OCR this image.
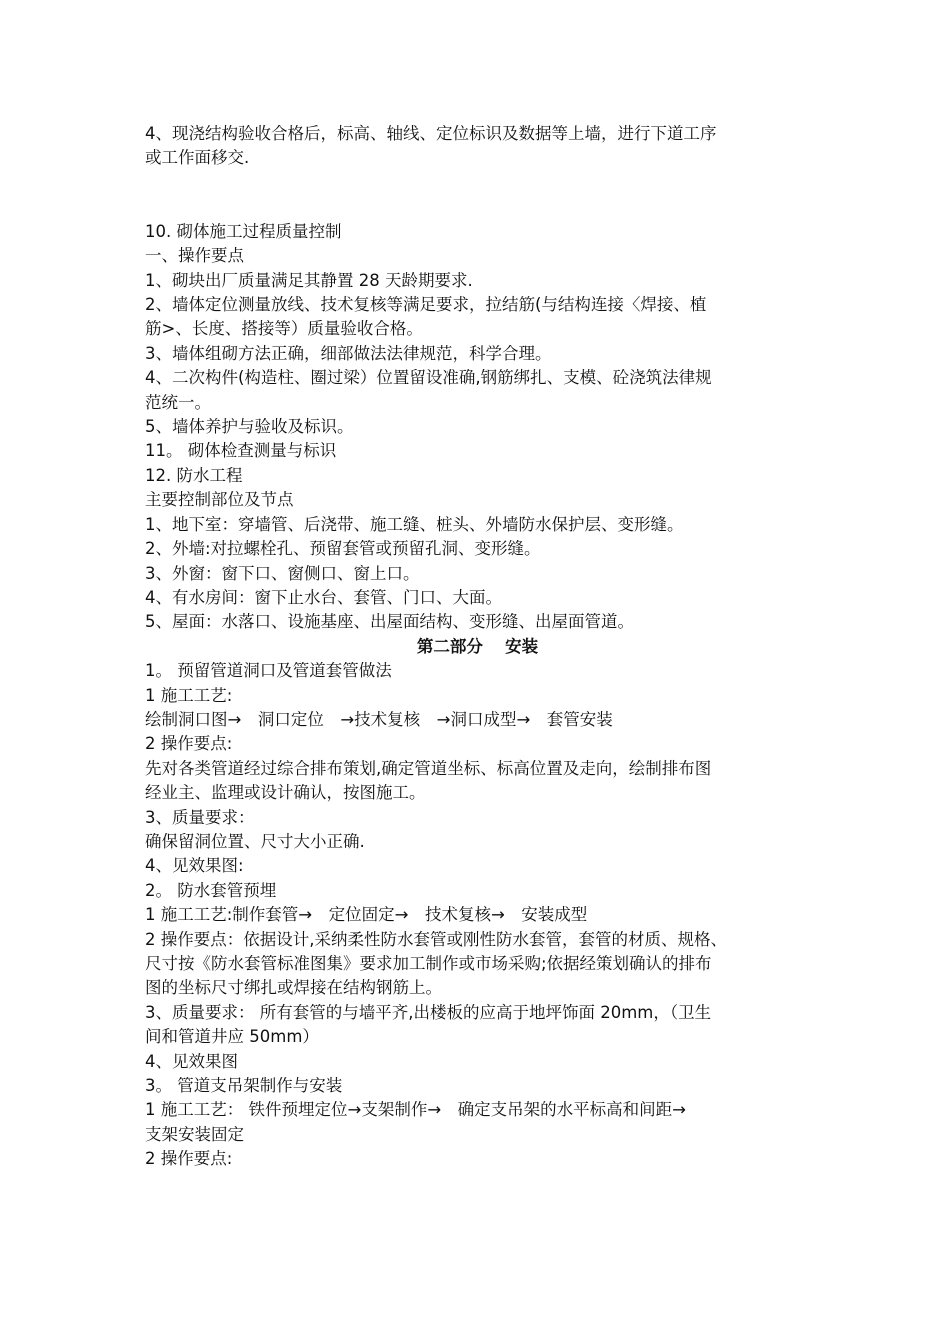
4、现浇结构验收合格后，标高、轴线、定位标识及数据等上墙，进行下道工序
或工作面移交.
10. 砌体施工过程质量控制
一、操作要点
1、砌块出厂质量满足其静置 28 天龄期要求.
2、墙体定位测量放线、技术复核等满足要求，拉结筋(与结构连接〈焊接、植
筋>、长度、搭接等）质量验收合格。
3、墙体组砌方法正确，细部做法法律规范，科学合理。
4、二次构件(构造柱、圈过梁）位置留设准确,钢筋绑扎、支模、砼浇筑法律规
范统一。
5、墙体养护与验收及标识。
11。 砌体检查测量与标识
12. 防水工程
主要控制部位及节点
1、地下室：穿墙管、后浇带、施工缝、桩头、外墙防水保护层、变形缝。
2、外墙:对拉螺栓孔、预留套管或预留孔洞、变形缝。
3、外窗：窗下口、窗侧口、窗上口。
4、有水房间：窗下止水台、套管、门口、大面。
5、屋面：水落口、设施基座、出屋面结构、变形缝、出屋面管道。
第二部分　 安装
1。 预留管道洞口及管道套管做法
1 施工工艺:
绘制洞口图→　洞口定位　→技术复核　→洞口成型→　套管安装
2 操作要点:
先对各类管道经过综合排布策划,确定管道坐标、标高位置及走向，绘制排布图
经业主、监理或设计确认，按图施工。
3、质量要求：
确保留洞位置、尺寸大小正确.
4、见效果图:
2。 防水套管预埋
1 施工工艺:制作套管→　定位固定→　技术复核→　安装成型
2 操作要点：依据设计,采纳柔性防水套管或刚性防水套管，套管的材质、规格、
尺寸按《防水套管标准图集》要求加工制作或市场采购;依据经策划确认的排布
图的坐标尺寸绑扎或焊接在结构钢筋上。
3、质量要求： 所有套管的与墙平齐,出楼板的应高于地坪饰面 20mm，（卫生
间和管道井应 50mm）
4、见效果图
3。 管道支吊架制作与安装
1 施工工艺： 铁件预埋定位→支架制作→　确定支吊架的水平标高和间距→
支架安装固定
2 操作要点:
